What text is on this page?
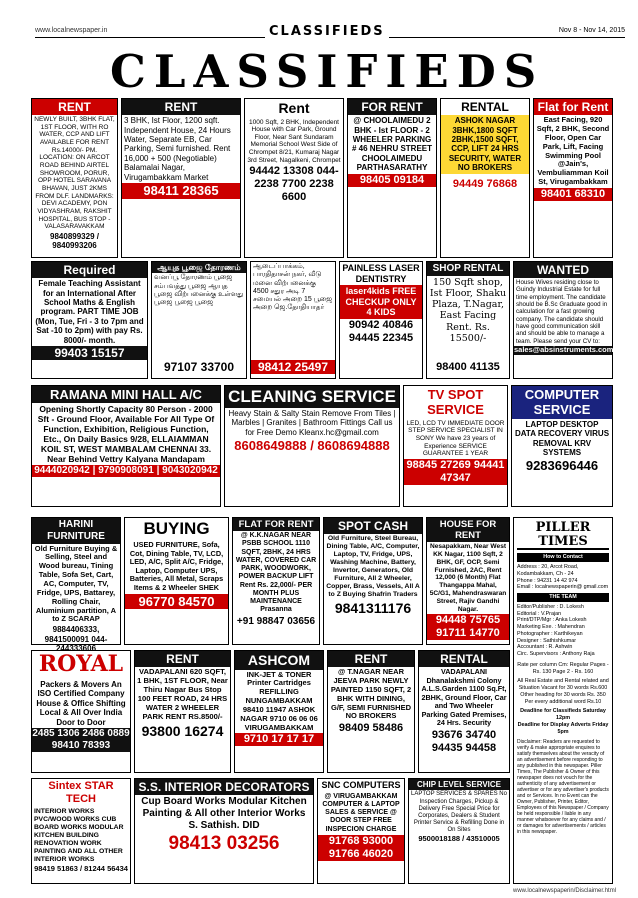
www.localnewspaper.in	CLASSIFIEDS	Nov 8 - Nov 14, 2015
CLASSIFIEDS
RENT
NEWLY BUILT, 3BHK FLAT, 1ST FLOOR, WITH RO WATER, CCP AND LIFT AVAILABLE FOR RENT Rs.14000/- PM. LOCATION: ON ARCOT ROAD BEHIND AIRTEL SHOWROOM, PORUR, OPP HOTEL SARAVANA BHAVAN, JUST 2KMS FROM DLF. LANDMARKS: DEVI ACADEMY, PON VIDYASHRAM, RAKSHIT HOSPITAL, BUS STOP - VALASARAVAKKAM
9840899329 / 9840993206
RENT
3 BHK, Ist Floor, 1200 sqft. Independent House, 24 Hours Water, Separate EB, Car Parking, Semi furnished. Rent 16,000 + 500 (Negotiable) Balamalai Nagar, Virugambakkam Market
98411 28365
Rent
1000 Sqft, 2 BHK, Independent House with Car Park, Ground Floor, Near Sant Sundaram Memorial School West Side of Chrompet 8/21, Kumaraj Nagar 3rd Street, Nagalkeni, Chrompet
94442 13308 044-2238 7700 2238 6600
FOR RENT
@ CHOOLAIMEDU 2 BHK - Ist FLOOR - 2 WHEELER PARKING # 46 NEHRU STREET CHOOLAIMEDU PARTHASARATHY
98405 09184
RENTAL
ASHOK NAGAR 3BHK,1800 SQFT 2BHK,1500 SQFT, CCP, LIFT 24 HRS SECURITY, WATER NO BROKERS
94449 76868
Flat for Rent
East Facing, 920 Sqft, 2 BHK, Second Floor, Open Car Park, Lift, Facing Swimming Pool @Jain's, Vembuliamman Koil St, Virugambakkam
98401 68310
Required
Female Teaching Assistant for an International After School Maths & English program. PART TIME JOB (Mon, Tue, Fri - 3 to 7pm and Sat -10 to 2pm) with pay Rs. 8000/- month.
99403 15157
ஆயுத பூஜை தோரணம்
வனப்பூ தோரணம் பூஜை சம்பவத்து பூஜை ஆயுத பூஜை விற்பனைக்கு உள்ளது பூஜை பூஜை பூஜை
97107 33700
ஆடைப்பாக்கம், பாரதிதாசன் நகர், வீடு மனை விற்பனைக்கு 4500 சதுர அடி 7 சமையல் அறை 15 பூஜை அறை ஜெ.தோதியாதர்
98412 25497
PAINLESS LASER DENTISTRY
laser4kids FREE CHECKUP ONLY 4 KIDS
90942 40846 94445 22345
SHOP RENTAL
150 Sqft shop, Ist Floor, Shaku Plaza, T.Nagar, East Facing Rent. Rs. 15500/-
98400 41135
WANTED
House Wives residing close to Guindy Industrial Estate for full time employment. The candidate should be B.Sc Graduate good in calculation for a fast growing company. The candidate should have good communication skill and should be able to manage a team. Please send your CV to:
sales@absinstruments.com
RAMANA MINI HALL A/C
Opening Shortly Capacity 80 Person - 2000 Sft - Ground Floor, Available For All Type Of Function, Exhibition, Religious Function, Etc., On Daily Basics 9/28, ELLAIAMMAN KOIL ST, WEST MAMBALAM CHENNAI 33. Near Behind Vettry Kalyana Mandapam
9444020942 | 9790908091 | 9043020942
CLEANING SERVICE
Heavy Stain & Salty Stain Remove From Tiles | Marbles | Granites | Bathroom Fittings Call us for Free Demo Kleanx.hc@gmail.com
8608649888 / 8608694888
TV SPOT SERVICE
LED, LCD TV IMMEDIATE DOOR STEP SERVICE SPECIALIST IN SONY We have 23 years of Experience SERVICE GUARANTEE 1 YEAR
98845 27269 94441 47347
COMPUTER SERVICE
LAPTOP DESKTOP DATA RECOVERY VIRUS REMOVAL KRV SYSTEMS
9283696446
HARINI FURNITURE
Old Furniture Buying & Selling, Steel and Wood bureau, Tining Table, Sofa Set, Cart, AC, Computer, TV, Fridge, UPS, Battarey, Rolling Chair, Aluminium partition, A to Z SCARAP
9884406333, 9841500091 044-244333606
BUYING
USED FURNITURE, Sofa, Cot, Dining Table, TV, LCD, LED, A/C, Split A/C, Fridge, Laptop, Computer UPS, Batteries, All Metal, Scraps Items & 2 Wheeler SHEK
96770 84570
FLAT FOR RENT
@ K.K.NAGAR NEAR PSBB SCHOOL 1110 SQFT, 2BHK, 24 HRS WATER, COVERED CAR PARK, WOODWORK, POWER BACKUP LIFT Rent Rs. 22,000/- PER MONTH PLUS MAINTENANCE Prasanna
+91 98847 03656
SPOT CASH
Old Furniture, Steel Bureau, Dining Table, A/C, Computer, Laptop, TV, Fridge, UPS, Washing Machine, Battery, Invertor, Generators, Old Furniture, All 2 Wheeler, Copper, Brass, Vessels, All A to Z Buying Shafrin Traders
9841311176
HOUSE FOR RENT
Nesapakkam, Near West KK Nagar, 1100 Sqft, 2 BHK, GF, OCP, Semi Furnished, 2AC, Rent 12,000 (6 Month) Flat Thangappa Mahal, 5C/G1, Mahendraswaran Street, Rajiv Gandhi Nagar.
94448 75765 91711 14770
ROYAL
Packers & Movers An ISO Certified Company House & Office Shifting Local & All Over India Door to Door
2485 1306 2486 0889 98410 78393
RENT
VADAPALANI 620 SQFT, 1 BHK, 1ST FLOOR, Near Thiru Nagar Bus Stop 100 FEET ROAD, 24 HRS WATER 2 WHEELER PARK RENT RS.8500/-
93800 16274
ASHCOM
INK-JET & TONER Printer Cartridges REFILLING NUNGAMBAKKAM 98410 11947 ASHOK NAGAR 9710 06 06 06 VIRUGAMBAKKAM
9710 17 17 17
RENT
@ T.NAGAR NEAR JEEVA PARK NEWLY PAINTED 1150 SQFT, 2 BHK WITH DINING, G/F, SEMI FURNISHED NO BROKERS
98409 58486
RENTAL
VADAPALANI Dhanalakshmi Colony A.L.S.Garden 1100 Sq.Ft, 2BHK, Ground Floor, Car and Two Wheeler Parking Gated Premises, 24 Hrs. Security
93676 34740 94435 94458
Sintex STAR TECH
INTERIOR WORKS PVC/WOOD WORKS CUB BOARD WORKS MODULAR KITCHEN BUILDING RENOVATION WORK PAINTING AND ALL OTHER INTERIOR WORKS
98419 51863 / 81244 56434
S.S. INTERIOR DECORATORS
Cup Board Works Modular Kitchen Painting & All other Interior Works S. Sathish. DID
98413 03256
SNC COMPUTERS
@ VIRUGAMBAKKAM COMPUTER & LAPTOP SALES & SERVICE @ DOOR STEP FREE INSPECION CHARGE
91768 93000 91766 46020
CHIP LEVEL SERVICE
LAPTOP SERVICES & SPARES No Inspection Charges, Pickup & Delivery Free Special Price for Corporates, Dealers & Student Printer Service & Refilling Done in On Sites
9500018188 / 43510005
PILLER TIMES
How to Contact
Address : 20, Arcot Road, Kodambakkam, Ch - 24
Phone : 94231 14 42 974
Email : localnewspaperin@ gmail.com
THE TEAM
Editor/Publisher : D. Lokesh
Editorial : V.Prajan
Print/DTP/Mgr : Anka Lokesh
Marketing Exe. : Mahendran
Photographer : Karthikeyan
Designer : Sathishkumar
Accountant : R. Ashwin
Circ. Supervisors : Anthony Raja
Rate per column Cm: Regular Pages - Rs. 130 Page 2 - Rs. 160
All Real Estate and Rental related and Situation Vacant for 30 words Rs.600 Other heading for 30 words Rs. 350 Per every additional word Rs.10
Deadline for Classifieds Saturday 12pm
Deadline for Display Adverts Friday 5pm
Disclaimer: Readers are requested to verify & make appropriate enquires to satisfy themselves about the veracity of an advertisement before responding to any published in this newspaper. Piller Times, The Publisher & Owner of this newspaper does not vouch for the authenticity of any advertisement or advertiser or for any advertiser's products and or Services. In no Event can the Owner, Publisher, Printer, Editor, Employees of this Newspaper / Company be held responsible / liable in any manner whatsoever for any claims and / or damages for advertisements / articles in this newspaper.
www.localnewspaperin/Disclaimer.html
